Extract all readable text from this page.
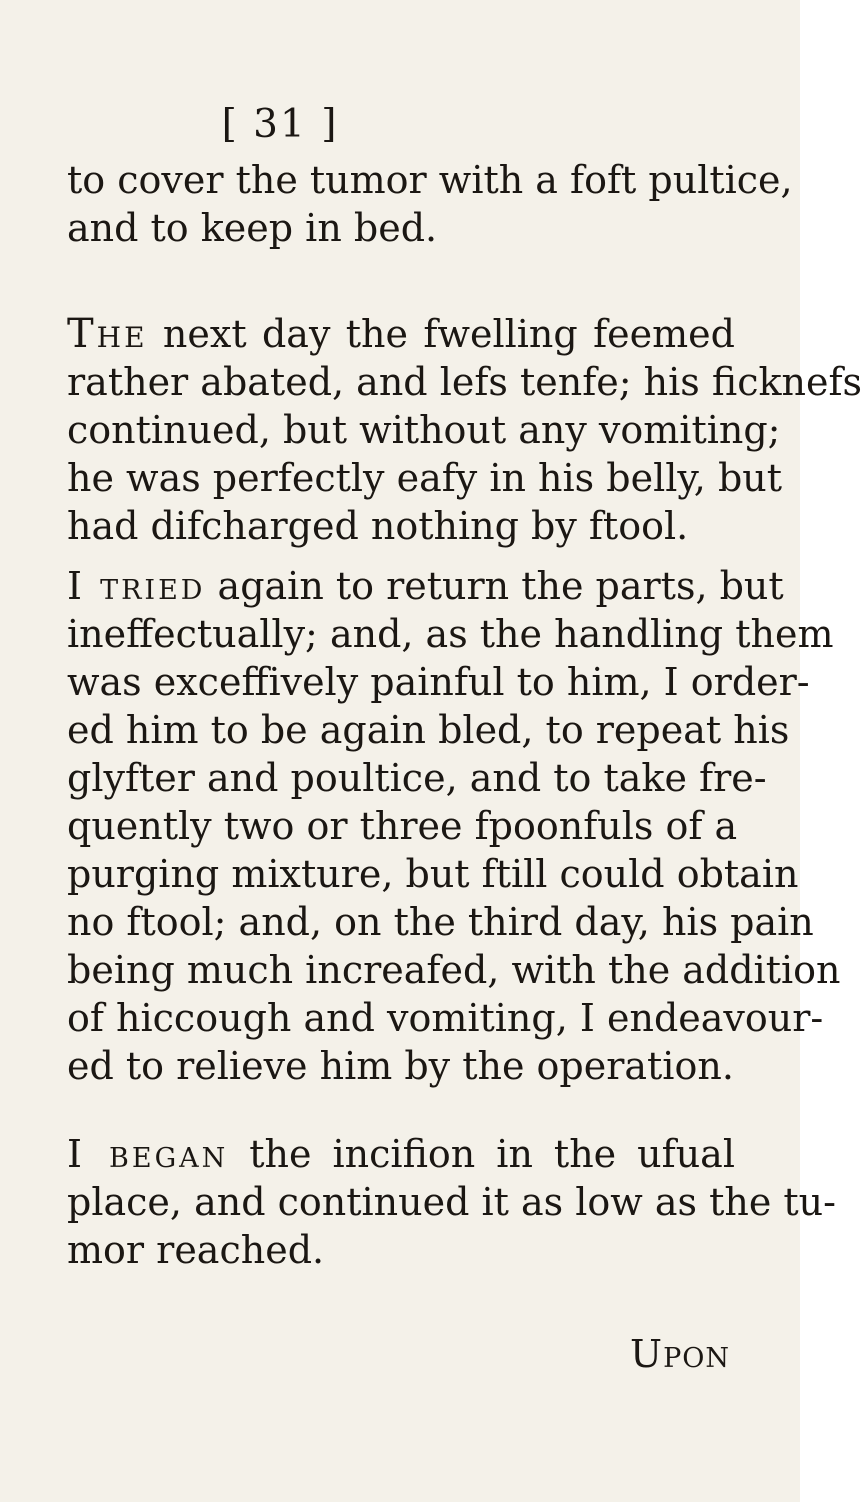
[ 31 ]
to cover the tumor with a foft pultice,
and to keep in bed.
The next day the fwelling feemed
rather abated, and lefs tenfe; his ficknefs
continued, but without any vomiting;
he was perfectly eafy in his belly, but
had difcharged nothing by ftool.
I tried again to return the parts, but
ineffectually; and, as the handling them
was exceffively painful to him, I order-
ed him to be again bled, to repeat his
glyfter and poultice, and to take fre-
quently two or three fpoonfuls of a
purging mixture, but ftill could obtain
no ftool; and, on the third day, his pain
being much increafed, with the addition
of hiccough and vomiting, I endeavour-
ed to relieve him by the operation.
I began the incifion in the ufual
place, and continued it as low as the tu-
mor reached.
Upon
